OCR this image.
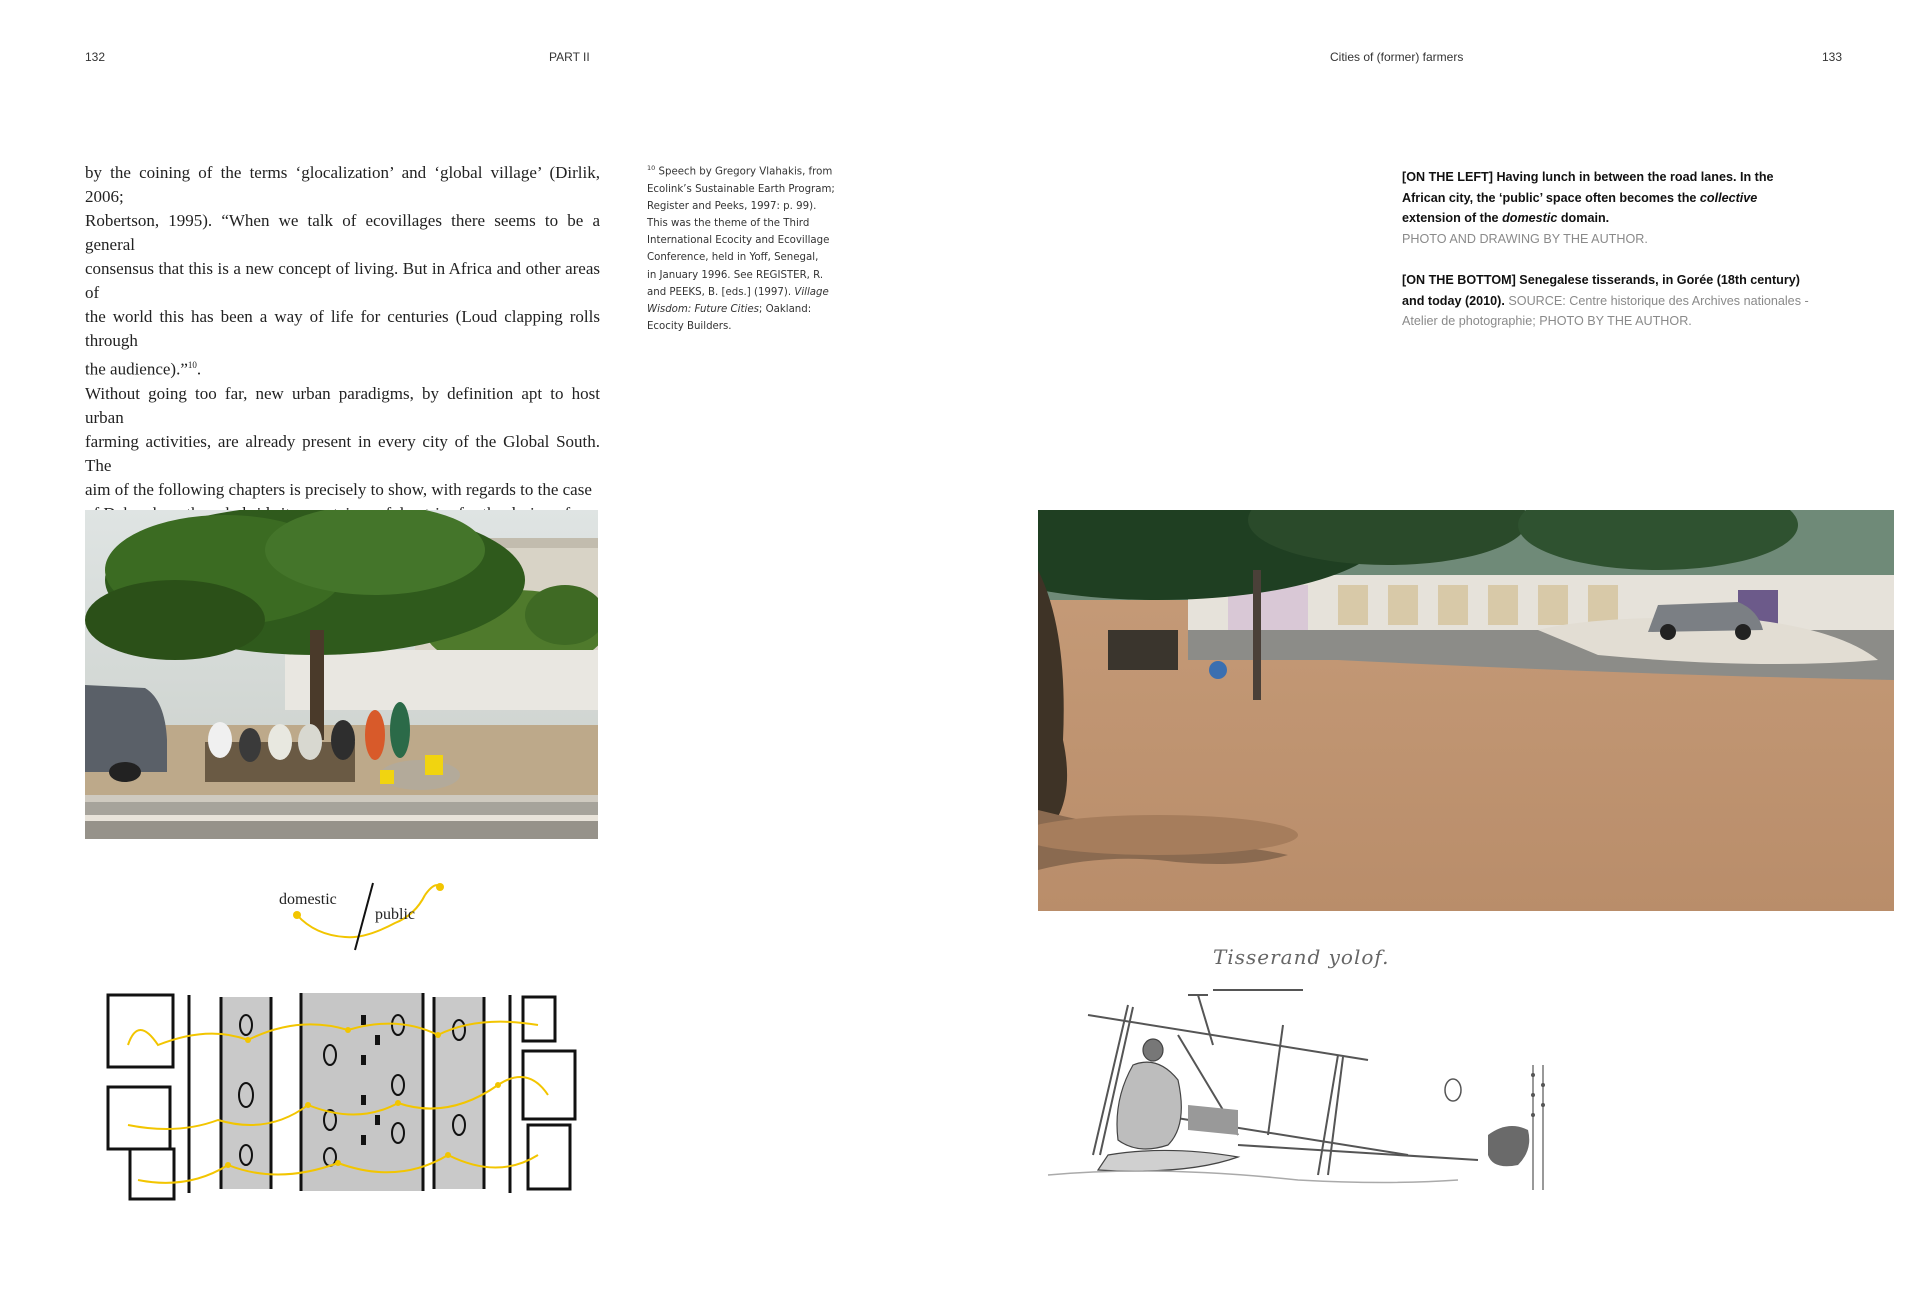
132	PART II

by the coining of the terms ‘glocalization’ and ‘global village’ (Dirlik, 2006;

Robertson, 1995). “When we talk of ecovillages there seems to be a general

consensus that this is a new concept of living. But in Africa and other areas of

the world this has been a way of life for centuries (Loud clapping rolls through

the audience).”$^{10}$.

Without going too far, new urban paradigms, by definition apt to host urban

farming activities, are already present in every city of the Global South. The

aim of the following chapters is precisely to show, with regards to the case

$^{10}$ Speech by Gregory Vlahakis, from
Ecolink’s Sustainable Earth Program;
Register and Peeks, 1997: p. 99).
This was the theme of the Third
International Ecocity and Ecovillage
Conference, held in Yoff, Senegal,
in January 1996. See REGISTER, R.
and PEEKS, B. [eds.] (1997). Village
Wisdom: Future Cities; Oakland:
Ecocity Builders.
domestic
public
Cities of (former) farmers	133
[ON THE LEFT] Having lunch in between the road lanes. In the
African city, the ‘public’ space often becomes the collective
extension of the domestic domain.
PHOTO AND DRAWING BY THE AUTHOR.
[ON THE BOTTOM] Senegalese tisserands, in Gorée (18th century)
and today (2010). SOURCE: Centre historique des Archives nationales -
Atelier de photographie; PHOTO BY THE AUTHOR.
Tisserand yolof.
